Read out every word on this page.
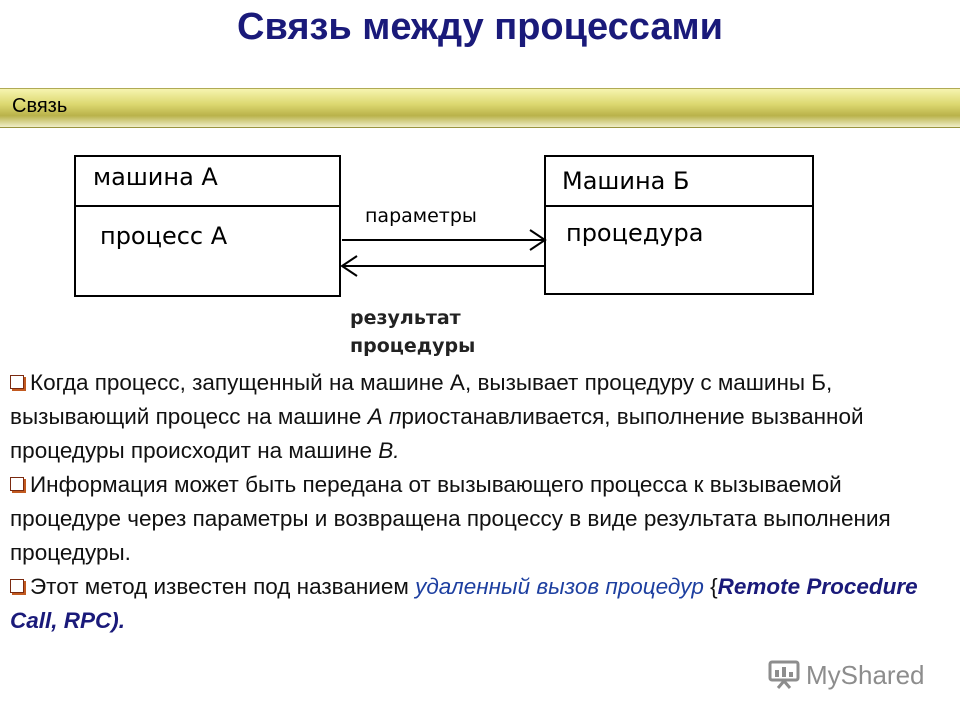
Связь между процессами
Связь
машина А
процесс А
Машина Б
процедура
параметры
результат
процедуры

Когда процесс, запущенный на машине А, вызывает процедуру с машины Б, вызывающий процесс на машине А приостанавливается, выполнение вызванной процедуры происходит на машине В.

Информация может быть передана от вызывающего процесса к вызываемой процедуре через параметры и возвращена процессу в виде результата выполнения процедуры.

Этот метод известен под названием удаленный вызов процедур {Remote Procedure Call, RPC).

MyShared
